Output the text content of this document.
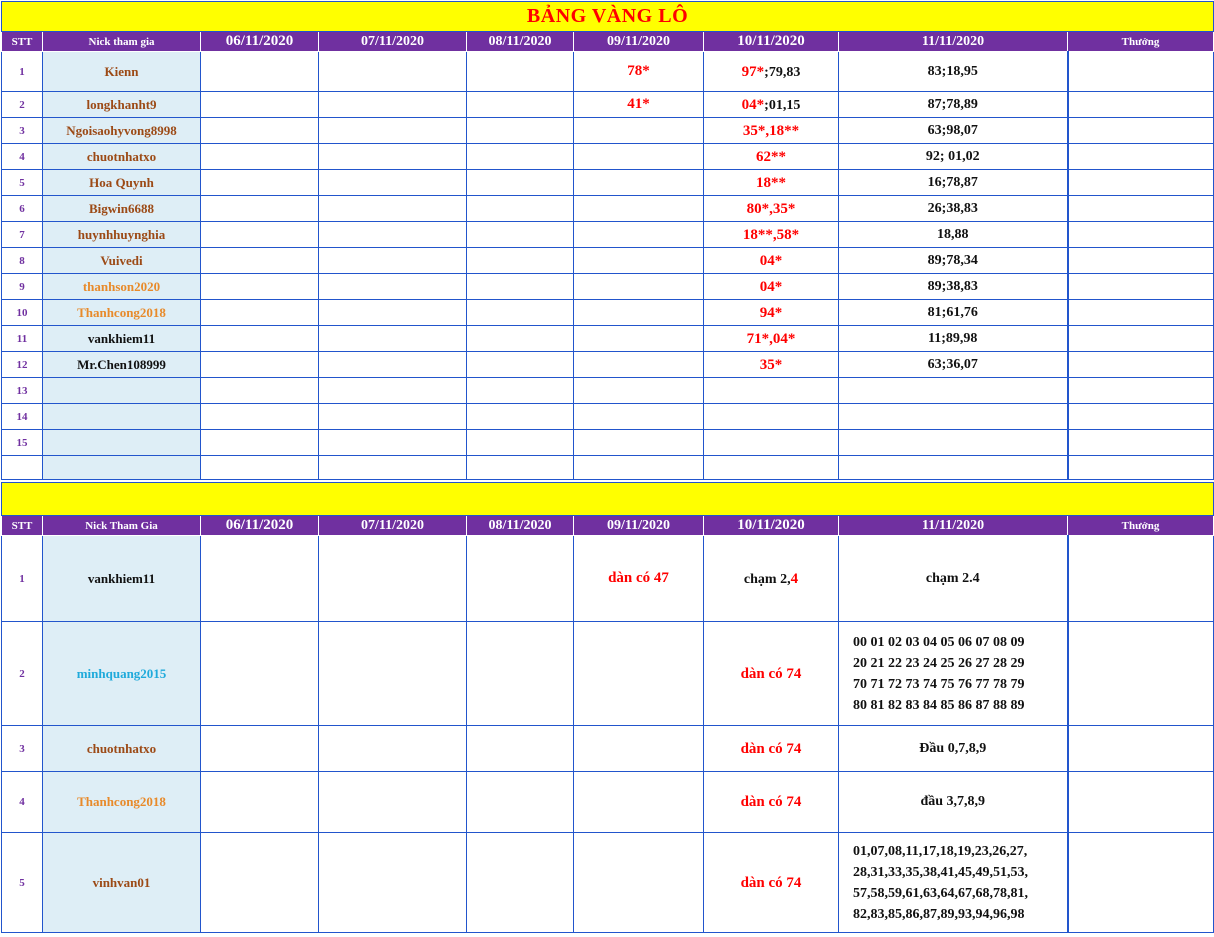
BẢNG VÀNG LÔ								
STT	Nick tham gia	06/11/2020	07/11/2020	08/11/2020	09/11/2020	10/11/2020	11/11/2020	Thưởng
1	Kienn				78*	97*;79,83	83;18,95	
2	longkhanht9				41*	04*;01,15	87;78,89	
3	Ngoisaohyvong8998					35*,18**	63;98,07	
4	chuotnhatxo					62**	92; 01,02	
5	Hoa Quynh					18**	16;78,87	
6	Bigwin6688					80*,35*	26;38,83	
7	huynhhuynghia					18**,58*	18,88	
8	Vuivedi					04*	89;78,34	
9	thanhson2020					04*	89;38,83	
10	Thanhcong2018					94*	81;61,76	
11	vankhiem11					71*,04*	11;89,98	
12	Mr.Chen108999					35*	63;36,07	
13								
14								
15								

STT	Nick Tham Gia	06/11/2020	07/11/2020	08/11/2020	09/11/2020	10/11/2020	11/11/2020	Thưởng
1	vankhiem11				dàn có 47	chạm 2,4	chạm 2.4	
2	minhquang2015					dàn có 74	00 01 02 03 04 05 06 07 08 09
20 21 22 23 24 25 26 27 28 29
70 71 72 73 74 75 76 77 78 79
80 81 82 83 84 85 86 87 88 89	

3	chuotnhatxo					dàn có 74	Đầu 0,7,8,9	
4	Thanhcong2018					dàn có 74	đầu 3,7,8,9	
5	vinhvan01					dàn có 74	01,07,08,11,17,18,19,23,26,27,
28,31,33,35,38,41,45,49,51,53,
57,58,59,61,63,64,67,68,78,81,
82,83,85,86,87,89,93,94,96,98	
